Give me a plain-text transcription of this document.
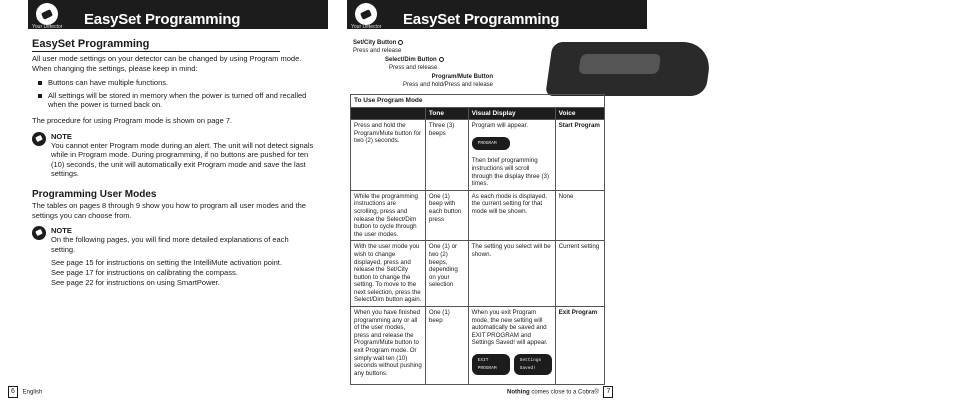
Your Detector EasySet Programming
EasySet Programming

All user mode settings on your detector can be changed by using Program mode. When changing the settings, please keep in mind:

Buttons can have multiple functions.
All settings will be stored in memory when the power is turned off and recalled when the power is turned back on.

The procedure for using Program mode is shown on page 7.

NOTE

You cannot enter Program mode during an alert. The unit will not detect signals while in Program mode. During programming, if no buttons are pushed for ten (10) seconds, the unit will automatically exit Program mode and save the last settings.

Programming User Modes

The tables on pages 8 through 9 show you how to program all user modes and the settings you can choose from.

NOTE

On the following pages, you will find more detailed explanations of each setting.

See page 15 for instructions on setting the IntelliMute activation point.

See page 17 for instructions on calibrating the compass.

See page 22 for instructions on using SmartPower.

6 English
Your Detector EasySet Programming
Set/City Button
Press and release
Select/Dim Button
Press and release
Program/Mute Button
Press and hold/Press and release
To Use Program Mode			
	Tone	Visual Display	Voice

Press and hold the Program/Mute button for two (2) seconds.	Three (3) beeps	Program will appear.
PROGRAM
Then brief programming instructions will scroll through the display three (3) times.	Start Program

While the programming instructions are scrolling, press and release the Select/Dim button to cycle through the user modes.	One (1) beep with each button press	As each mode is displayed, the current setting for that mode will be shown.	None

With the user mode you wish to change displayed, press and release the Set/City button to change the setting. To move to the next selection, press the Select/Dim button again.	One (1) or two (2) beeps, depending on your selection	The setting you select will be shown.	Current setting

When you have finished programming any or all of the user modes, press and release the Program/Mute button to exit Program mode. Or simply wait ten (10) seconds without pushing any buttons.	One (1) beep	When you exit Program mode, the new setting will automatically be saved and EXIT PROGRAM and Settings Saved! will appear.
EXIT PROGRAM
Settings Saved!	Exit Program
Nothing comes close to a Cobra® 7
